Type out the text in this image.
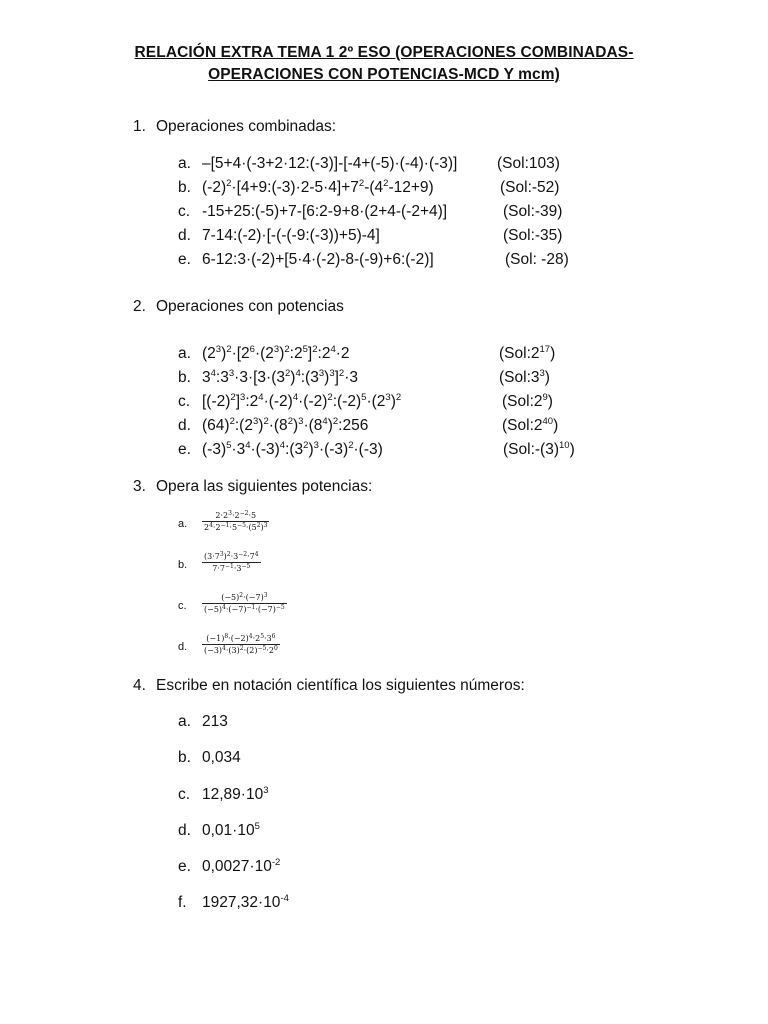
RELACIÓN EXTRA TEMA 1 2º ESO (OPERACIONES COMBINADAS-
OPERACIONES CON POTENCIAS-MCD Y mcm)
1. Operaciones combinadas:
a. –[5+4·(-3+2·12:(-3)]-[-4+(-5)·(-4)·(-3)]	(Sol:103)
b. $(-2)^2\cdot[4+9:(-3)\cdot 2-5\cdot 4]+7^2-(4^2-12+9)$	(Sol:-52)
c. -15+25:(-5)+7-[6:2-9+8·(2+4-(-2+4)]	(Sol:-39)
d. 7-14:(-2)·[-(-(-9:(-3))+5)-4]	(Sol:-35)
e. 6-12:3·(-2)+[5·4·(-2)-8-(-9)+6:(-2)]	(Sol: -28)
2. Operaciones con potencias
a. $(2^3)^2\cdot[2^6\cdot(2^3)^2:2^5]^2:2^4\cdot 2$	$(Sol:2^{17})$
b. $3^4:3^3\cdot 3\cdot[3\cdot(3^2)^4:(3^3)^3]^2\cdot 3$	$(Sol:3^3)$
c. $[(-2)^2]^3:2^4\cdot(-2)^4\cdot(-2)^2:(-2)^5\cdot(2^3)^2$	$(Sol:2^9)$
d. $(64)^2:(2^3)^2\cdot(8^2)^3\cdot(8^4)^2:256$	$(Sol:2^{40})$
e. $(-3)^5\cdot 3^4\cdot(-3)^4:(3^2)^3\cdot(-3)^2\cdot(-3)$	$(Sol:-(3)^{10})$
3. Opera las siguientes potencias:
a. $\frac{2\cdot 2^3\cdot 2^{-2}\cdot 5}{2^4\cdot 2^{-1}\cdot 5^{-5}\cdot(5^2)^3}$
b. $\frac{(3\cdot 7^3)^2\cdot 3^{-2}\cdot 7^4}{7\cdot 7^{-1}\cdot 3^{-5}}$
c. $\frac{(-5)^2\cdot(-7)^3}{(-5)^4\cdot(-7)^{-1}\cdot(-7)^{-5}}$
d. $\frac{(-1)^8\cdot(-2)^4\cdot 2^5\cdot 3^6}{(-3)^4\cdot(3)^2\cdot(2)^{-5}\cdot 2^0}$
4. Escribe en notación científica los siguientes números:
a. 213
b. 0,034
c. $12,89\cdot 10^3$
d. $0,01\cdot 10^5$
e. $0,0027\cdot 10^{-2}$
f. $1927,32\cdot 10^{-4}$
